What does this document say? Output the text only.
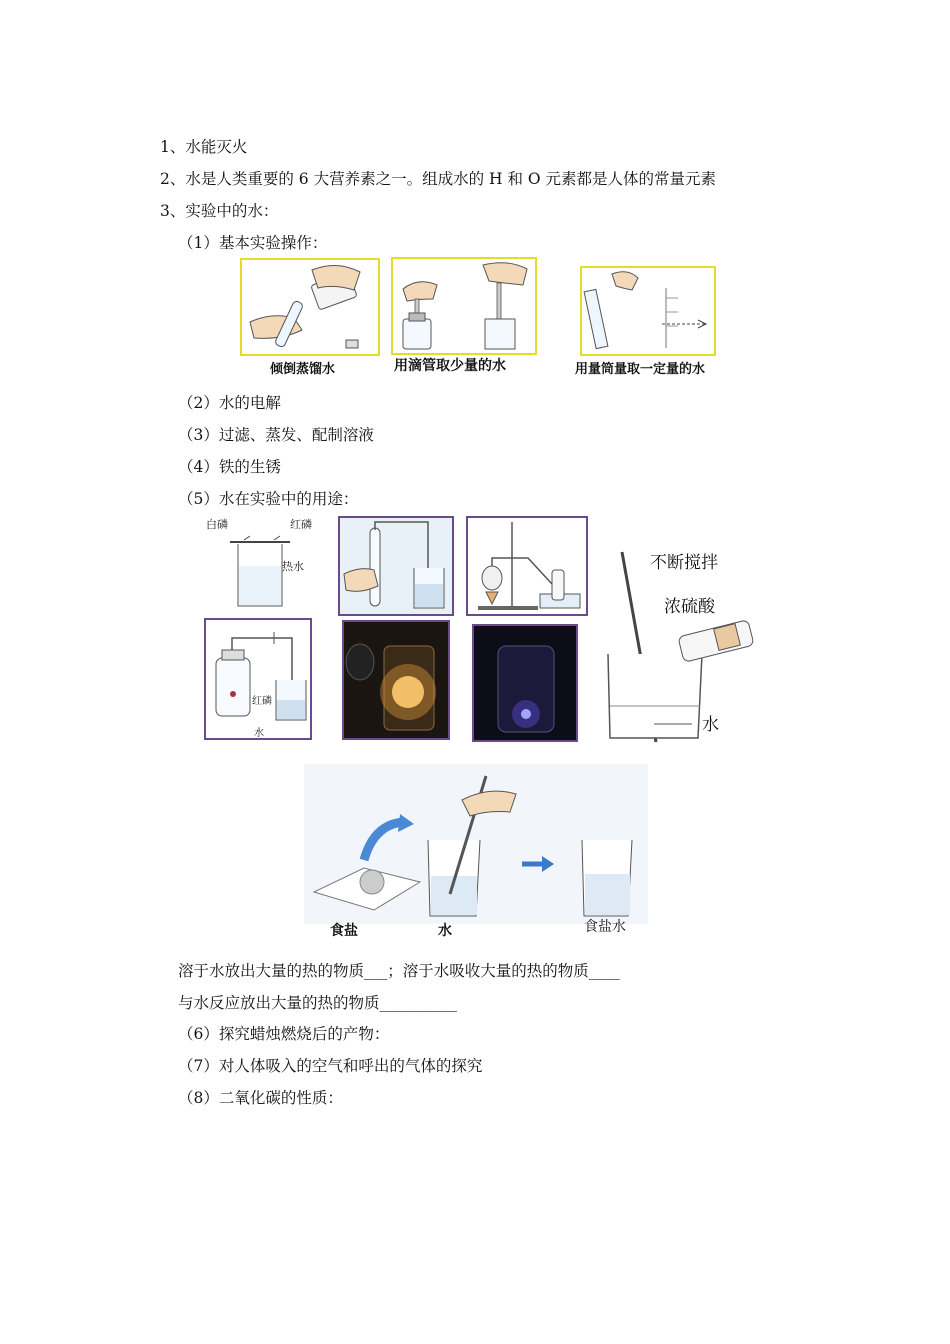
1、水能灭火
2、水是人类重要的 6 大营养素之一。组成水的 H 和 O 元素都是人体的常量元素
3、实验中的水：
（1）基本实验操作：
倾倒蒸馏水	用滴管取少量的水	用量筒量取一定量的水
（2）水的电解
（3）过滤、蒸发、配制溶液
（4）铁的生锈
（5）水在实验中的用途：
白磷	红磷
热水
红磷
水
不断搅拌
浓硫酸
水
食盐	水	食盐水
溶于水放出大量的热的物质___；溶于水吸收大量的热的物质____
与水反应放出大量的热的物质__________
（6）探究蜡烛燃烧后的产物：
（7）对人体吸入的空气和呼出的气体的探究
（8）二氧化碳的性质：
